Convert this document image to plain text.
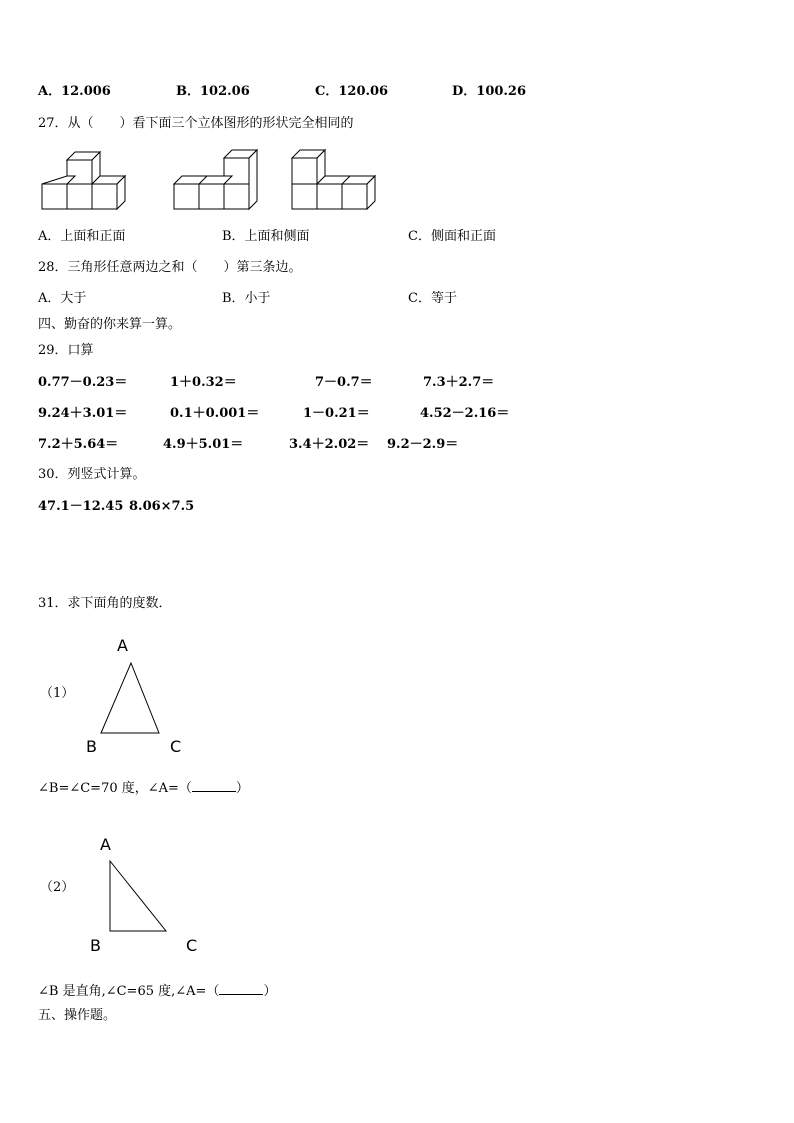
A．12.006	B．102.06	C．120.06	D．100.26
27．从（　　）看下面三个立体图形的形状完全相同的
A．上面和正面	B．上面和侧面	C．侧面和正面
28．三角形任意两边之和（　　）第三条边。
A．大于	B．小于	C．等于
四、勤奋的你来算一算。
29．口算
0.77－0.23＝	1＋0.32＝	7－0.7＝	7.3＋2.7＝
9.24＋3.01＝	0.1＋0.001＝	1－0.21＝	4.52－2.16＝
7.2＋5.64＝	4.9＋5.01＝	3.4＋2.02＝ 9.2－2.9＝
30．列竖式计算。
47.1－12.45 8.06×7.5
31．求下面角的度数．
（1）
A
B	C
∠B=∠C=70 度，∠A=（	）
（2）
A
B	C
∠B 是直角,∠C=65 度,∠A=（	）
五、操作题。
